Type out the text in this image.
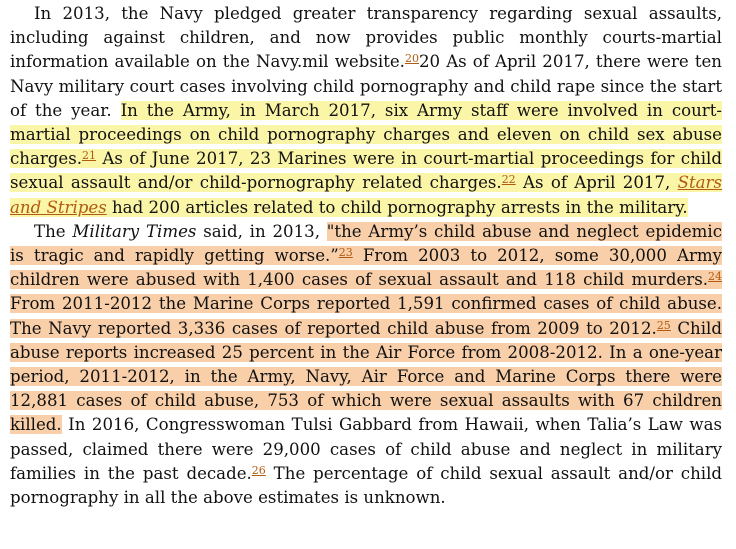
In 2013, the Navy pledged greater transparency regarding sexual assaults, including against children, and now provides public monthly courts-martial information available on the Navy.mil website.$^{20}$20 As of April 2017, there were ten Navy military court cases involving child pornography and child rape since the start of the year. In the Army, in March 2017, six Army staff were involved in court-martial proceedings on child pornography charges and eleven on child sex abuse charges.$^{21}$ As of June 2017, 23 Marines were in court-martial proceedings for child sexual assault and/or child-pornography related charges.$^{22}$ As of April 2017, Stars and Stripes had 200 articles related to child pornography arrests in the military.

The Military Times said, in 2013, "the Army’s child abuse and neglect epidemic is tragic and rapidly getting worse.”$^{23}$ From 2003 to 2012, some 30,000 Army children were abused with 1,400 cases of sexual assault and 118 child murders.$^{24}$ From 2011-2012 the Marine Corps reported 1,591 confirmed cases of child abuse. The Navy reported 3,336 cases of reported child abuse from 2009 to 2012.25 Child abuse reports increased 25 percent in the Air Force from 2008-2012. In a one-year period, 2011-2012, in the Army, Navy, Air Force and Marine Corps there were 12,881 cases of child abuse, 753 of which were sexual assaults with 67 children killed. In 2016, Congresswoman Tulsi Gabbard from Hawaii, when Talia’s Law was passed, claimed there were 29,000 cases of child abuse and neglect in military families in the past decade.$^{26}$ The percentage of child sexual assault and/or child pornography in all the above estimates is unknown.
